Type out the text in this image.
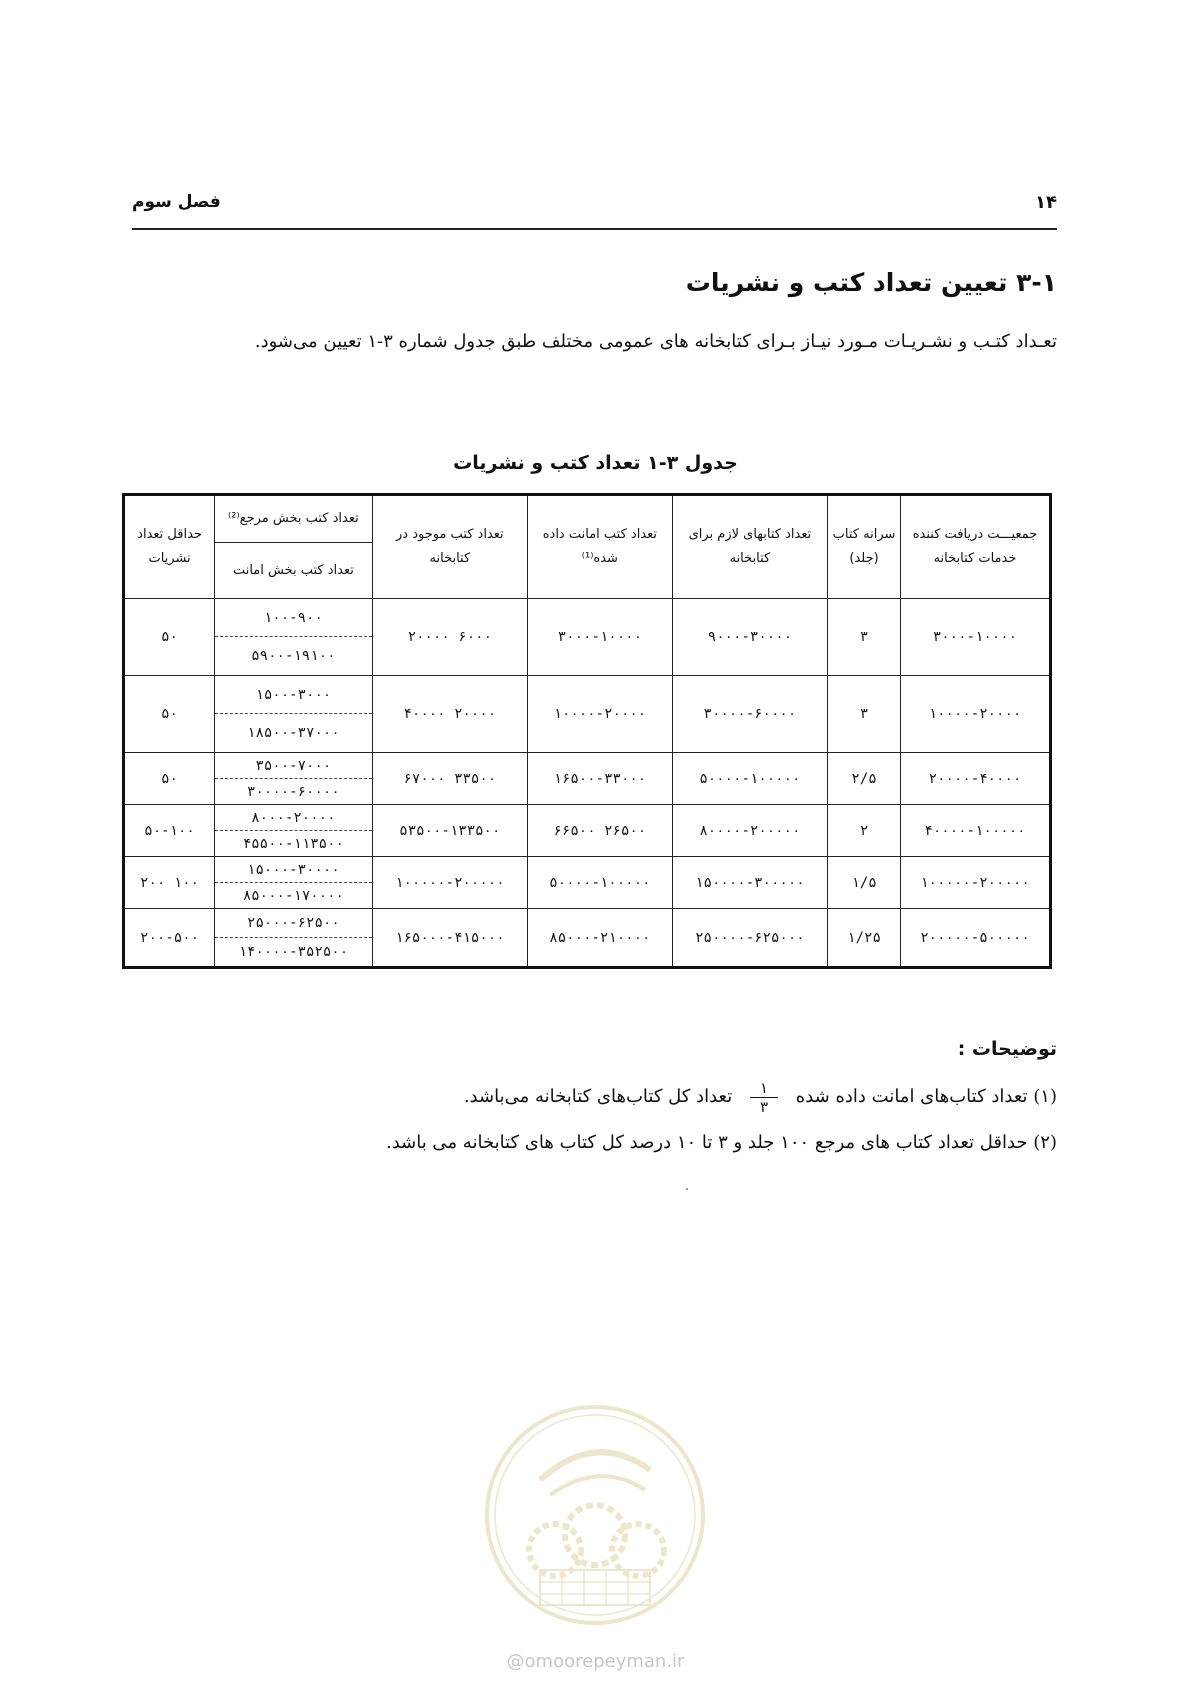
۱۴
فصل سوم
۳-۱ تعیین تعداد کتب و نشریات

تعـداد کتـب و نشـریـات مـورد نیـاز بـرای کتابخانه های عمومی مختلف طبق جدول شماره ۳-۱ تعیین می‌شود.

جدول ۳-۱ تعداد کتب و نشریات
جمعیـــت دریافت کننده خدمات کتابخانه	سرانه کتاب (جلد)	تعداد کتابهای لازم برای کتابخانه	تعداد کتب امانت داده شده⁽¹⁾	تعداد کتب موجود در کتابخانه	تعداد کتب بخش مرجع⁽²⁾	حداقل تعداد نشریات
					تعداد کتب بخش امانت	
۳۰۰۰-۱۰۰۰۰	۳	۹۰۰۰-۳۰۰۰۰	۳۰۰۰-۱۰۰۰۰	۶۰۰۰ ۲۰۰۰۰	۱۰۰-۹۰۰	۵۰
					۵۹۰۰-۱۹۱۰۰	
۱۰۰۰۰-۲۰۰۰۰	۳	۳۰۰۰۰-۶۰۰۰۰	۱۰۰۰۰-۲۰۰۰۰	۲۰۰۰۰ ۴۰۰۰۰	۱۵۰۰-۳۰۰۰	۵۰
					۱۸۵۰۰-۳۷۰۰۰	
۲۰۰۰۰-۴۰۰۰۰	۲/۵	۵۰۰۰۰-۱۰۰۰۰۰	۱۶۵۰۰-۳۳۰۰۰	۳۳۵۰۰ ۶۷۰۰۰	۳۵۰۰-۷۰۰۰	۵۰
					۳۰۰۰۰-۶۰۰۰۰	
۴۰۰۰۰-۱۰۰۰۰۰	۲	۸۰۰۰۰-۲۰۰۰۰۰	۲۶۵۰۰ ۶۶۵۰۰	۵۳۵۰۰-۱۳۳۵۰۰	۸۰۰۰-۲۰۰۰۰	۵۰-۱۰۰
					۴۵۵۰۰-۱۱۳۵۰۰	
۱۰۰۰۰۰-۲۰۰۰۰۰	۱/۵	۱۵۰۰۰۰-۳۰۰۰۰۰	۵۰۰۰۰-۱۰۰۰۰۰	۱۰۰۰۰۰-۲۰۰۰۰۰	۱۵۰۰۰-۳۰۰۰۰	۱۰۰ ۲۰۰
					۸۵۰۰۰-۱۷۰۰۰۰	
۲۰۰۰۰۰-۵۰۰۰۰۰	۱/۲۵	۲۵۰۰۰۰-۶۲۵۰۰۰	۸۵۰۰۰-۲۱۰۰۰۰	۱۶۵۰۰۰-۴۱۵۰۰۰	۲۵۰۰۰-۶۲۵۰۰	۲۰۰-۵۰۰
					۱۴۰۰۰۰-۳۵۲۵۰۰	
توضیحات :
(۱) تعداد کتاب‌های امانت داده شده
$\frac{۱}{۳}$
تعداد کل کتاب‌های کتابخانه می‌باشد.
(۲) حداقل تعداد کتاب های مرجع ۱۰۰ جلد و ۳ تا ۱۰ درصد کل کتاب های کتابخانه می باشد.
@omoorepeyman.ir
